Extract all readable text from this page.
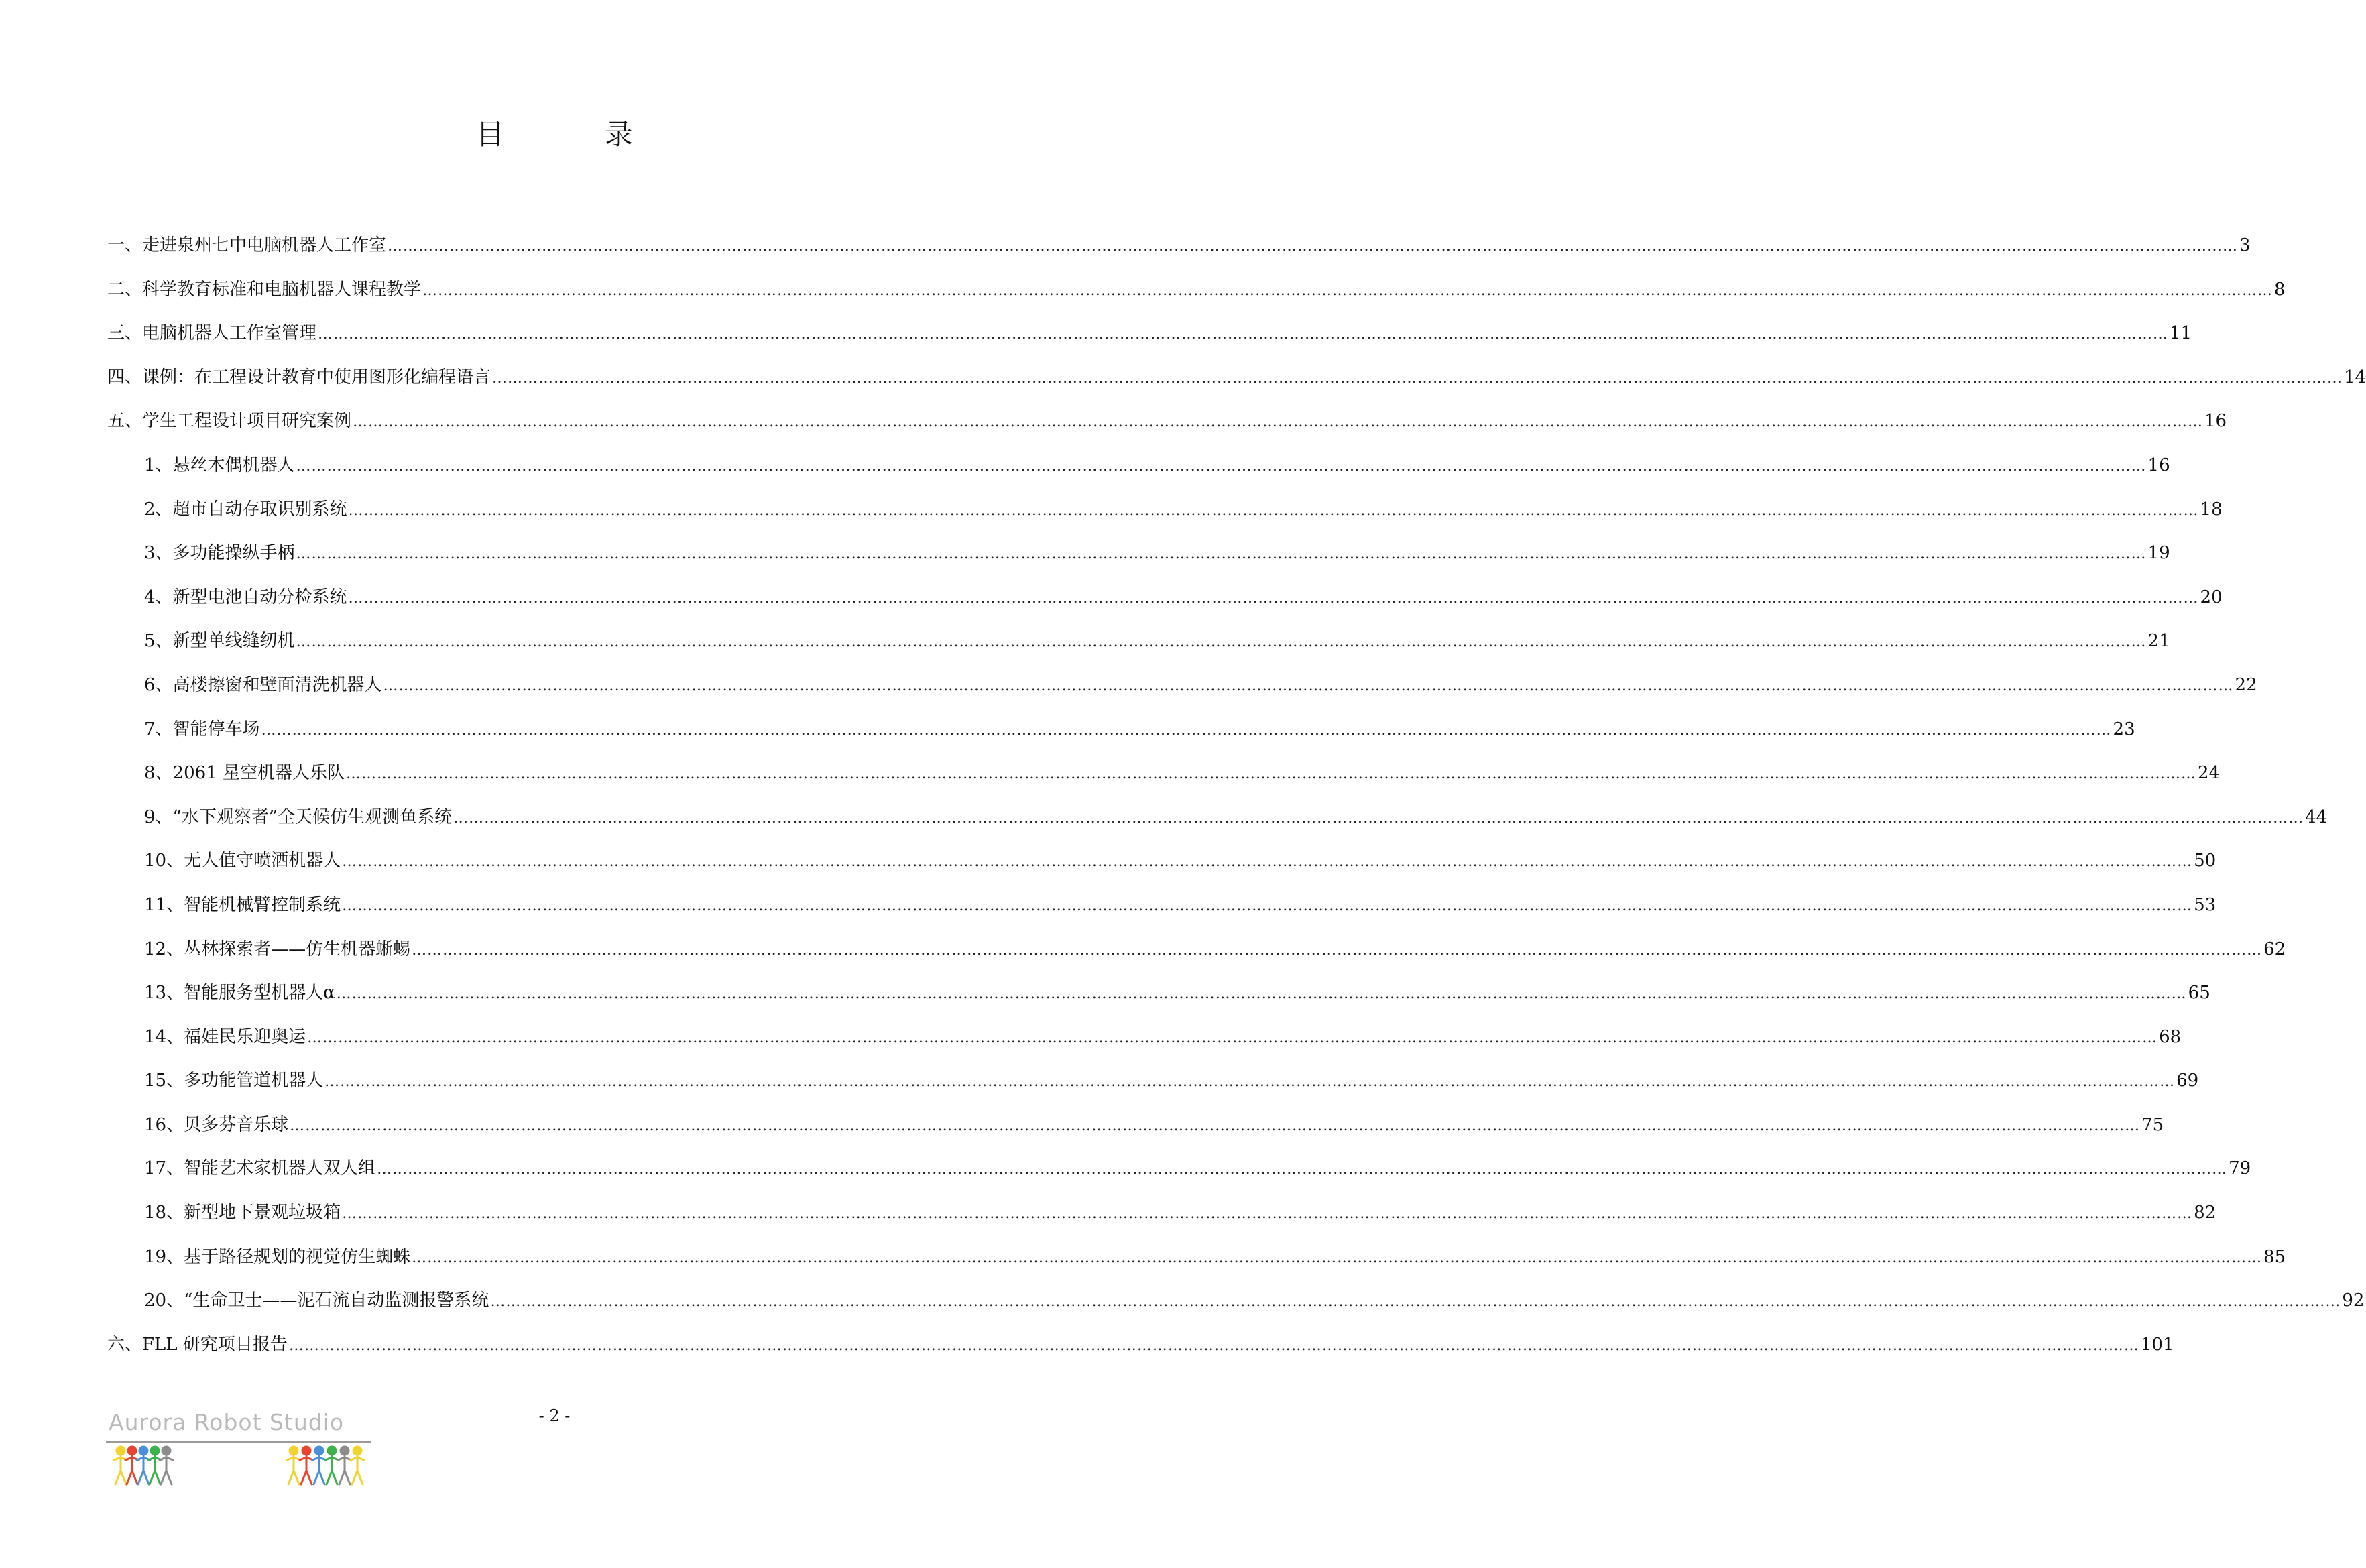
目	录
一、走进泉州七中电脑机器人工作室 ……………………………………………………………………………………………………………………………………………………………………………………………………………………………………………………………………………………………………………………………… 3
二、科学教育标准和电脑机器人课程教学 ……………………………………………………………………………………………………………………………………………………………………………………………………………………………………………………………………………………………………………………………… 8
三、电脑机器人工作室管理 ……………………………………………………………………………………………………………………………………………………………………………………………………………………………………………………………………………………………………………………………… 11
四、课例：在工程设计教育中使用图形化编程语言 ……………………………………………………………………………………………………………………………………………………………………………………………………………………………………………………………………………………………………………………………… 14
五、学生工程设计项目研究案例 ……………………………………………………………………………………………………………………………………………………………………………………………………………………………………………………………………………………………………………………………… 16
1、悬丝木偶机器人 ……………………………………………………………………………………………………………………………………………………………………………………………………………………………………………………………………………………………………………………………… 16
2、超市自动存取识别系统 ……………………………………………………………………………………………………………………………………………………………………………………………………………………………………………………………………………………………………………………………… 18
3、多功能操纵手柄 ……………………………………………………………………………………………………………………………………………………………………………………………………………………………………………………………………………………………………………………………… 19
4、新型电池自动分检系统 ……………………………………………………………………………………………………………………………………………………………………………………………………………………………………………………………………………………………………………………………… 20
5、新型单线缝纫机 ……………………………………………………………………………………………………………………………………………………………………………………………………………………………………………………………………………………………………………………………… 21
6、高楼擦窗和壁面清洗机器人 ……………………………………………………………………………………………………………………………………………………………………………………………………………………………………………………………………………………………………………………………… 22
7、智能停车场 ……………………………………………………………………………………………………………………………………………………………………………………………………………………………………………………………………………………………………………………………… 23
8、2061 星空机器人乐队 ……………………………………………………………………………………………………………………………………………………………………………………………………………………………………………………………………………………………………………………………… 24
9、“水下观察者”全天候仿生观测鱼系统 ……………………………………………………………………………………………………………………………………………………………………………………………………………………………………………………………………………………………………………………………… 44
10、无人值守喷洒机器人 ……………………………………………………………………………………………………………………………………………………………………………………………………………………………………………………………………………………………………………………………… 50
11、智能机械臂控制系统 ……………………………………………………………………………………………………………………………………………………………………………………………………………………………………………………………………………………………………………………………… 53
12、丛林探索者——仿生机器蜥蜴 ……………………………………………………………………………………………………………………………………………………………………………………………………………………………………………………………………………………………………………………………… 62
13、智能服务型机器人α ……………………………………………………………………………………………………………………………………………………………………………………………………………………………………………………………………………………………………………………………… 65
14、福娃民乐迎奥运 ……………………………………………………………………………………………………………………………………………………………………………………………………………………………………………………………………………………………………………………………… 68
15、多功能管道机器人 ……………………………………………………………………………………………………………………………………………………………………………………………………………………………………………………………………………………………………………………………… 69
16、贝多芬音乐球 ……………………………………………………………………………………………………………………………………………………………………………………………………………………………………………………………………………………………………………………………… 75
17、智能艺术家机器人双人组 ……………………………………………………………………………………………………………………………………………………………………………………………………………………………………………………………………………………………………………………………… 79
18、新型地下景观垃圾箱 ……………………………………………………………………………………………………………………………………………………………………………………………………………………………………………………………………………………………………………………………… 82
19、基于路径规划的视觉仿生蜘蛛 ……………………………………………………………………………………………………………………………………………………………………………………………………………………………………………………………………………………………………………………………… 85
20、“生命卫士——泥石流自动监测报警系统 ……………………………………………………………………………………………………………………………………………………………………………………………………………………………………………………………………………………………………………………………… 92
六、FLL 研究项目报告 ……………………………………………………………………………………………………………………………………………………………………………………………………………………………………………………………………………………………………………………………… 101

- 2 -

Aurora Robot Studio
